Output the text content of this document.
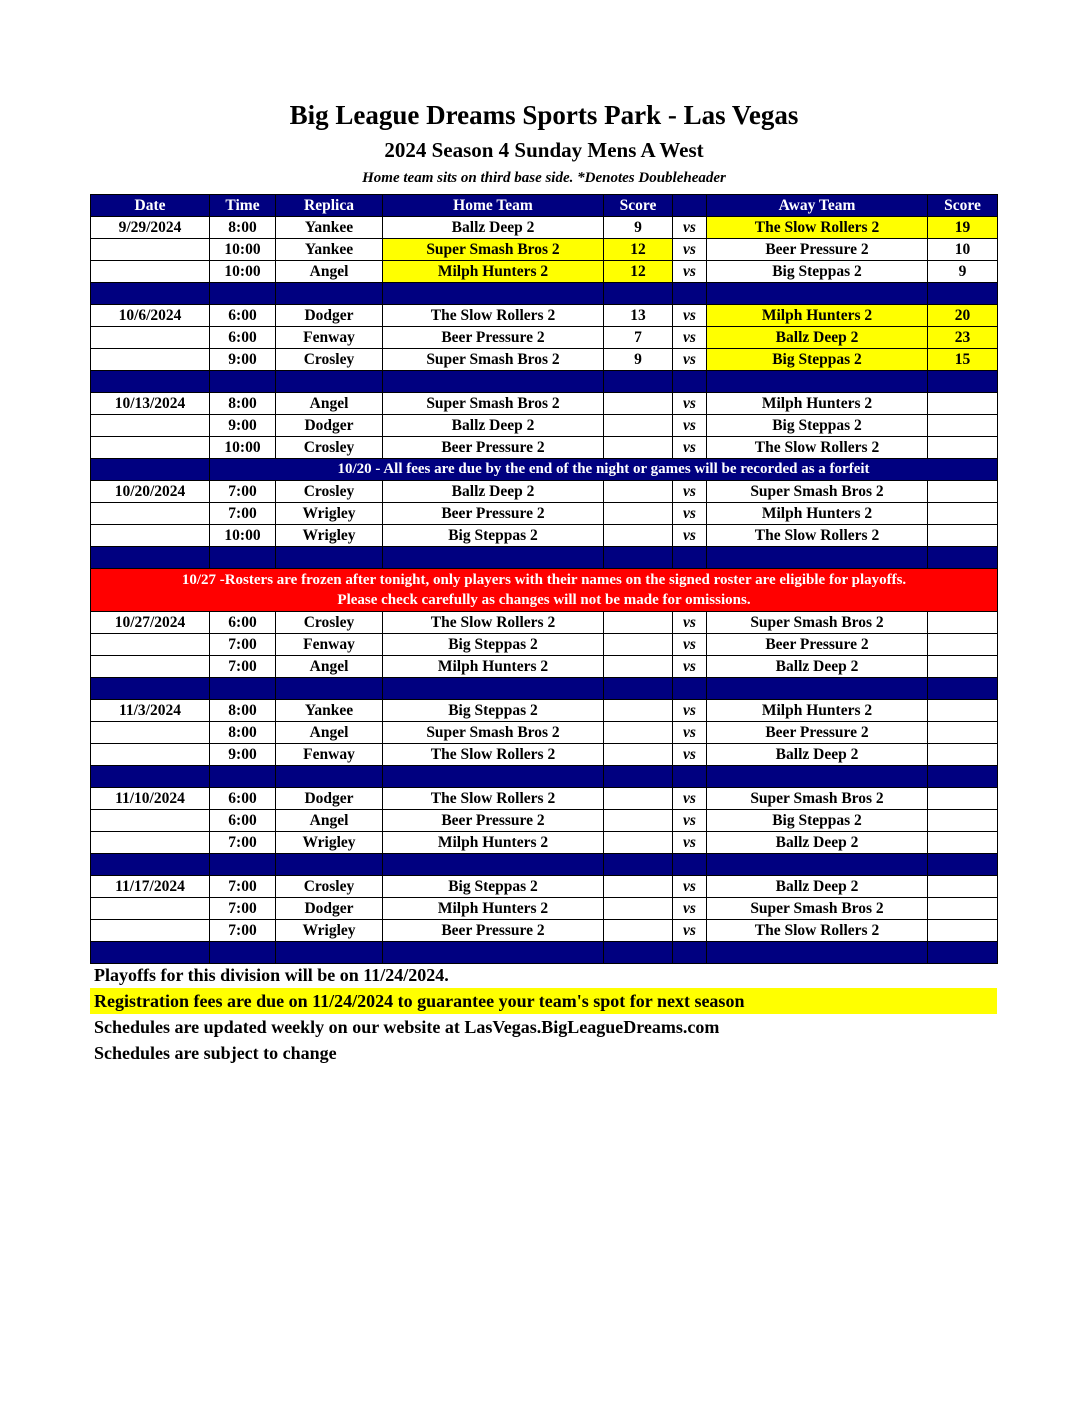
Big League Dreams Sports Park - Las Vegas
2024 Season 4 Sunday Mens A West
Home team sits on third base side. *Denotes Doubleheader
Date	Time	Replica	Home Team	Score		Away Team	Score
9/29/2024	8:00	Yankee	Ballz Deep 2	9	vs	The Slow Rollers 2	19
	10:00	Yankee	Super Smash Bros 2	12	vs	Beer Pressure 2	10
	10:00	Angel	Milph Hunters 2	12	vs	Big Steppas 2	9

10/6/2024	6:00	Dodger	The Slow Rollers 2	13	vs	Milph Hunters 2	20
	6:00	Fenway	Beer Pressure 2	7	vs	Ballz Deep 2	23
	9:00	Crosley	Super Smash Bros 2	9	vs	Big Steppas 2	15

10/13/2024	8:00	Angel	Super Smash Bros 2		vs	Milph Hunters 2	
	9:00	Dodger	Ballz Deep 2		vs	Big Steppas 2	
	10:00	Crosley	Beer Pressure 2		vs	The Slow Rollers 2	
	10/20 - All fees are due by the end of the night or games will be recorded as a forfeit						
10/20/2024	7:00	Crosley	Ballz Deep 2		vs	Super Smash Bros 2	
	7:00	Wrigley	Beer Pressure 2		vs	Milph Hunters 2	
	10:00	Wrigley	Big Steppas 2		vs	The Slow Rollers 2	

10/27 -Rosters are frozen after tonight, only players with their names on the signed roster are eligible for playoffs.
Please check carefully as changes will not be made for omissions.							

10/27/2024	6:00	Crosley	The Slow Rollers 2		vs	Super Smash Bros 2	
	7:00	Fenway	Big Steppas 2		vs	Beer Pressure 2	
	7:00	Angel	Milph Hunters 2		vs	Ballz Deep 2	

11/3/2024	8:00	Yankee	Big Steppas 2		vs	Milph Hunters 2	
	8:00	Angel	Super Smash Bros 2		vs	Beer Pressure 2	
	9:00	Fenway	The Slow Rollers 2		vs	Ballz Deep 2	

11/10/2024	6:00	Dodger	The Slow Rollers 2		vs	Super Smash Bros 2	
	6:00	Angel	Beer Pressure 2		vs	Big Steppas 2	
	7:00	Wrigley	Milph Hunters 2		vs	Ballz Deep 2	

11/17/2024	7:00	Crosley	Big Steppas 2		vs	Ballz Deep 2	
	7:00	Dodger	Milph Hunters 2		vs	Super Smash Bros 2	
	7:00	Wrigley	Beer Pressure 2		vs	The Slow Rollers 2	

Playoffs for this division will be on 11/24/2024.
Registration fees are due on 11/24/2024 to guarantee your team's spot for next season
Schedules are updated weekly on our website at LasVegas.BigLeagueDreams.com
Schedules are subject to change
